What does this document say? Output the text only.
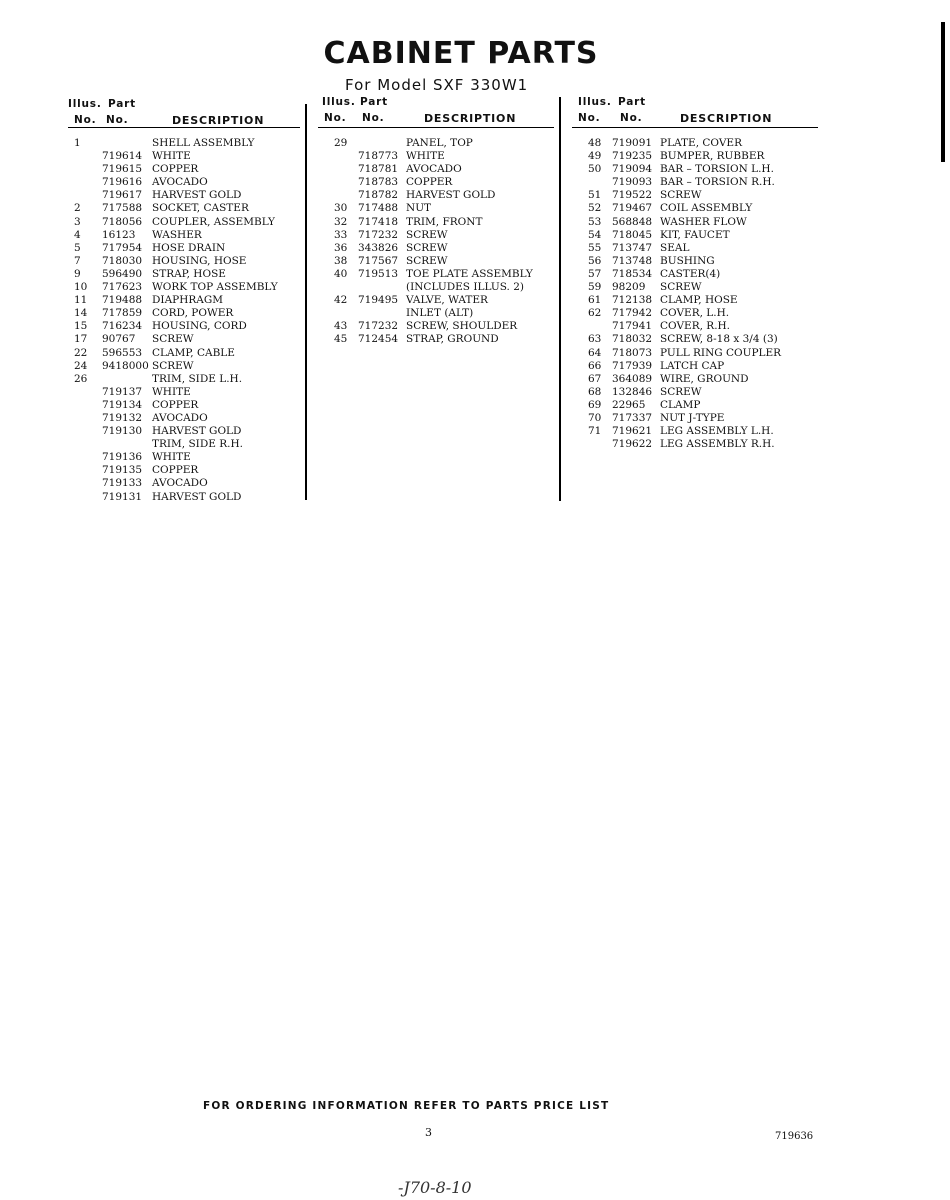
CABINET PARTS
For Model SXF 330W1
Illus. Part
No. No.	DESCRIPTION
1	SHELL ASSEMBLY
719614 WHITE
719615 COPPER
719616 AVOCADO
719617 HARVEST GOLD
2 717588 SOCKET, CASTER
3 718056 COUPLER, ASSEMBLY
4 16123 WASHER
5 717954 HOSE DRAIN
7 718030 HOUSING, HOSE
9 596490 STRAP, HOSE
10 717623 WORK TOP ASSEMBLY
11 719488 DIAPHRAGM
14 717859 CORD, POWER
15 716234 HOUSING, CORD
17 90767 SCREW
22 596553 CLAMP, CABLE
24 9418000 SCREW
26	TRIM, SIDE L.H.
719137 WHITE
719134 COPPER
719132 AVOCADO
719130 HARVEST GOLD
TRIM, SIDE R.H.
719136 WHITE
719135 COPPER
719133 AVOCADO
719131 HARVEST GOLD
Illus. Part
No. No.	DESCRIPTION
29	PANEL, TOP
718773 WHITE
718781 AVOCADO
718783 COPPER
718782 HARVEST GOLD
30 717488 NUT
32 717418 TRIM, FRONT
33 717232 SCREW
36 343826 SCREW
38 717567 SCREW
40 719513 TOE PLATE ASSEMBLY
(INCLUDES ILLUS. 2)
42 719495 VALVE, WATER
INLET (ALT)
43 717232 SCREW, SHOULDER
45 712454 STRAP, GROUND
Illus. Part
No. No.	DESCRIPTION
48 719091 PLATE, COVER
49 719235 BUMPER, RUBBER
50 719094 BAR – TORSION L.H.
719093 BAR – TORSION R.H.
51 719522 SCREW
52 719467 COIL ASSEMBLY
53 568848 WASHER FLOW
54 718045 KIT, FAUCET
55 713747 SEAL
56 713748 BUSHING
57 718534 CASTER(4)
59 98209 SCREW
61 712138 CLAMP, HOSE
62 717942 COVER, L.H.
717941 COVER, R.H.
63 718032 SCREW, 8-18 x 3/4 (3)
64 718073 PULL RING COUPLER
66 717939 LATCH CAP
67 364089 WIRE, GROUND
68 132846 SCREW
69 22965 CLAMP
70 717337 NUT J-TYPE
71 719621 LEG ASSEMBLY L.H.
719622 LEG ASSEMBLY R.H.
FOR ORDERING INFORMATION REFER TO PARTS PRICE LIST
3	719636
-J70-8-10
